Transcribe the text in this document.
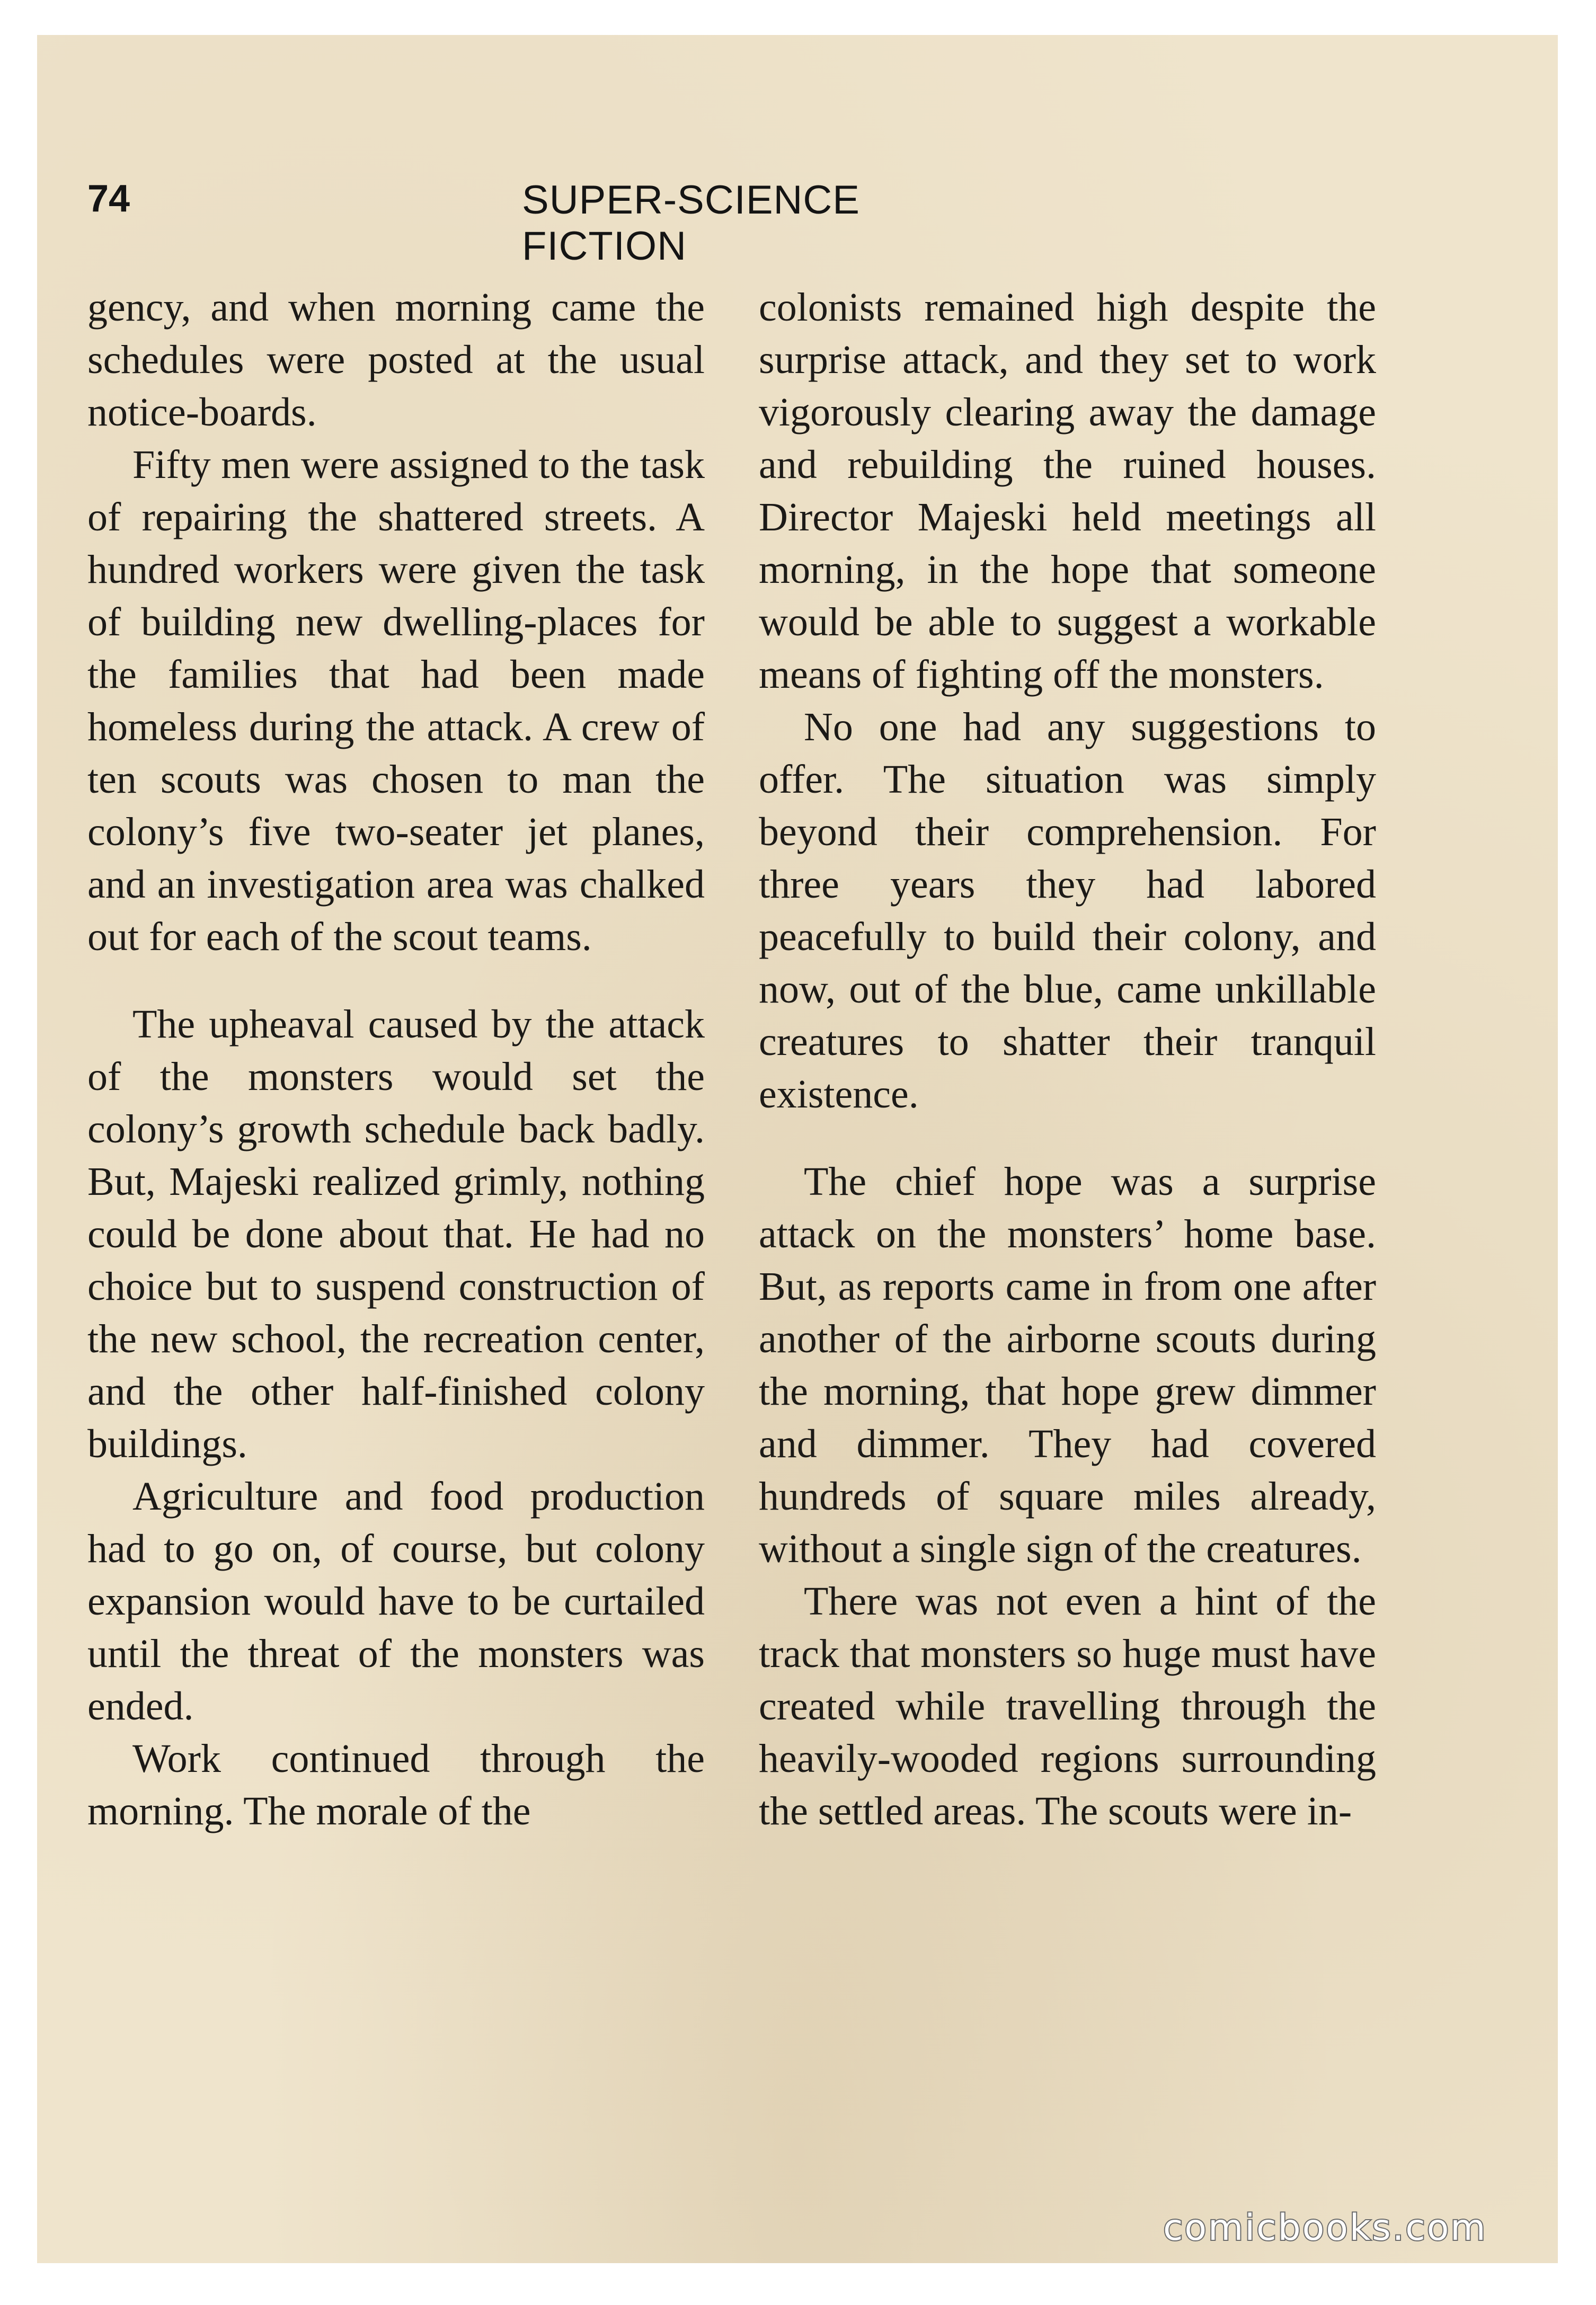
74	SUPER-SCIENCE FICTION

gency, and when morning came the schedules were posted at the usual notice-boards.

Fifty men were assigned to the task of repairing the shattered streets. A hundred workers were given the task of building new dwelling-places for the families that had been made homeless during the attack. A crew of ten scouts was chosen to man the colony’s five two-seater jet planes, and an investigation area was chalked out for each of the scout teams.

The upheaval caused by the attack of the monsters would set the colony’s growth schedule back badly. But, Majeski realized grimly, nothing could be done about that. He had no choice but to suspend construction of the new school, the recreation center, and the other half-finished colony buildings.

Agriculture and food production had to go on, of course, but colony expansion would have to be curtailed until the threat of the monsters was ended.

Work continued through the morning. The morale of the

colonists remained high despite the surprise attack, and they set to work vigorously clearing away the damage and rebuilding the ruined houses. Director Majeski held meetings all morning, in the hope that someone would be able to suggest a workable means of fighting off the monsters.

No one had any suggestions to offer. The situation was simply beyond their comprehension. For three years they had labored peacefully to build their colony, and now, out of the blue, came unkillable creatures to shatter their tranquil existence.

The chief hope was a surprise attack on the monsters’ home base. But, as reports came in from one after another of the airborne scouts during the morning, that hope grew dimmer and dimmer. They had covered hundreds of square miles already, without a single sign of the creatures.

There was not even a hint of the track that monsters so huge must have created while travelling through the heavily-wooded regions surrounding the settled areas. The scouts were in-

comicbooks.com
